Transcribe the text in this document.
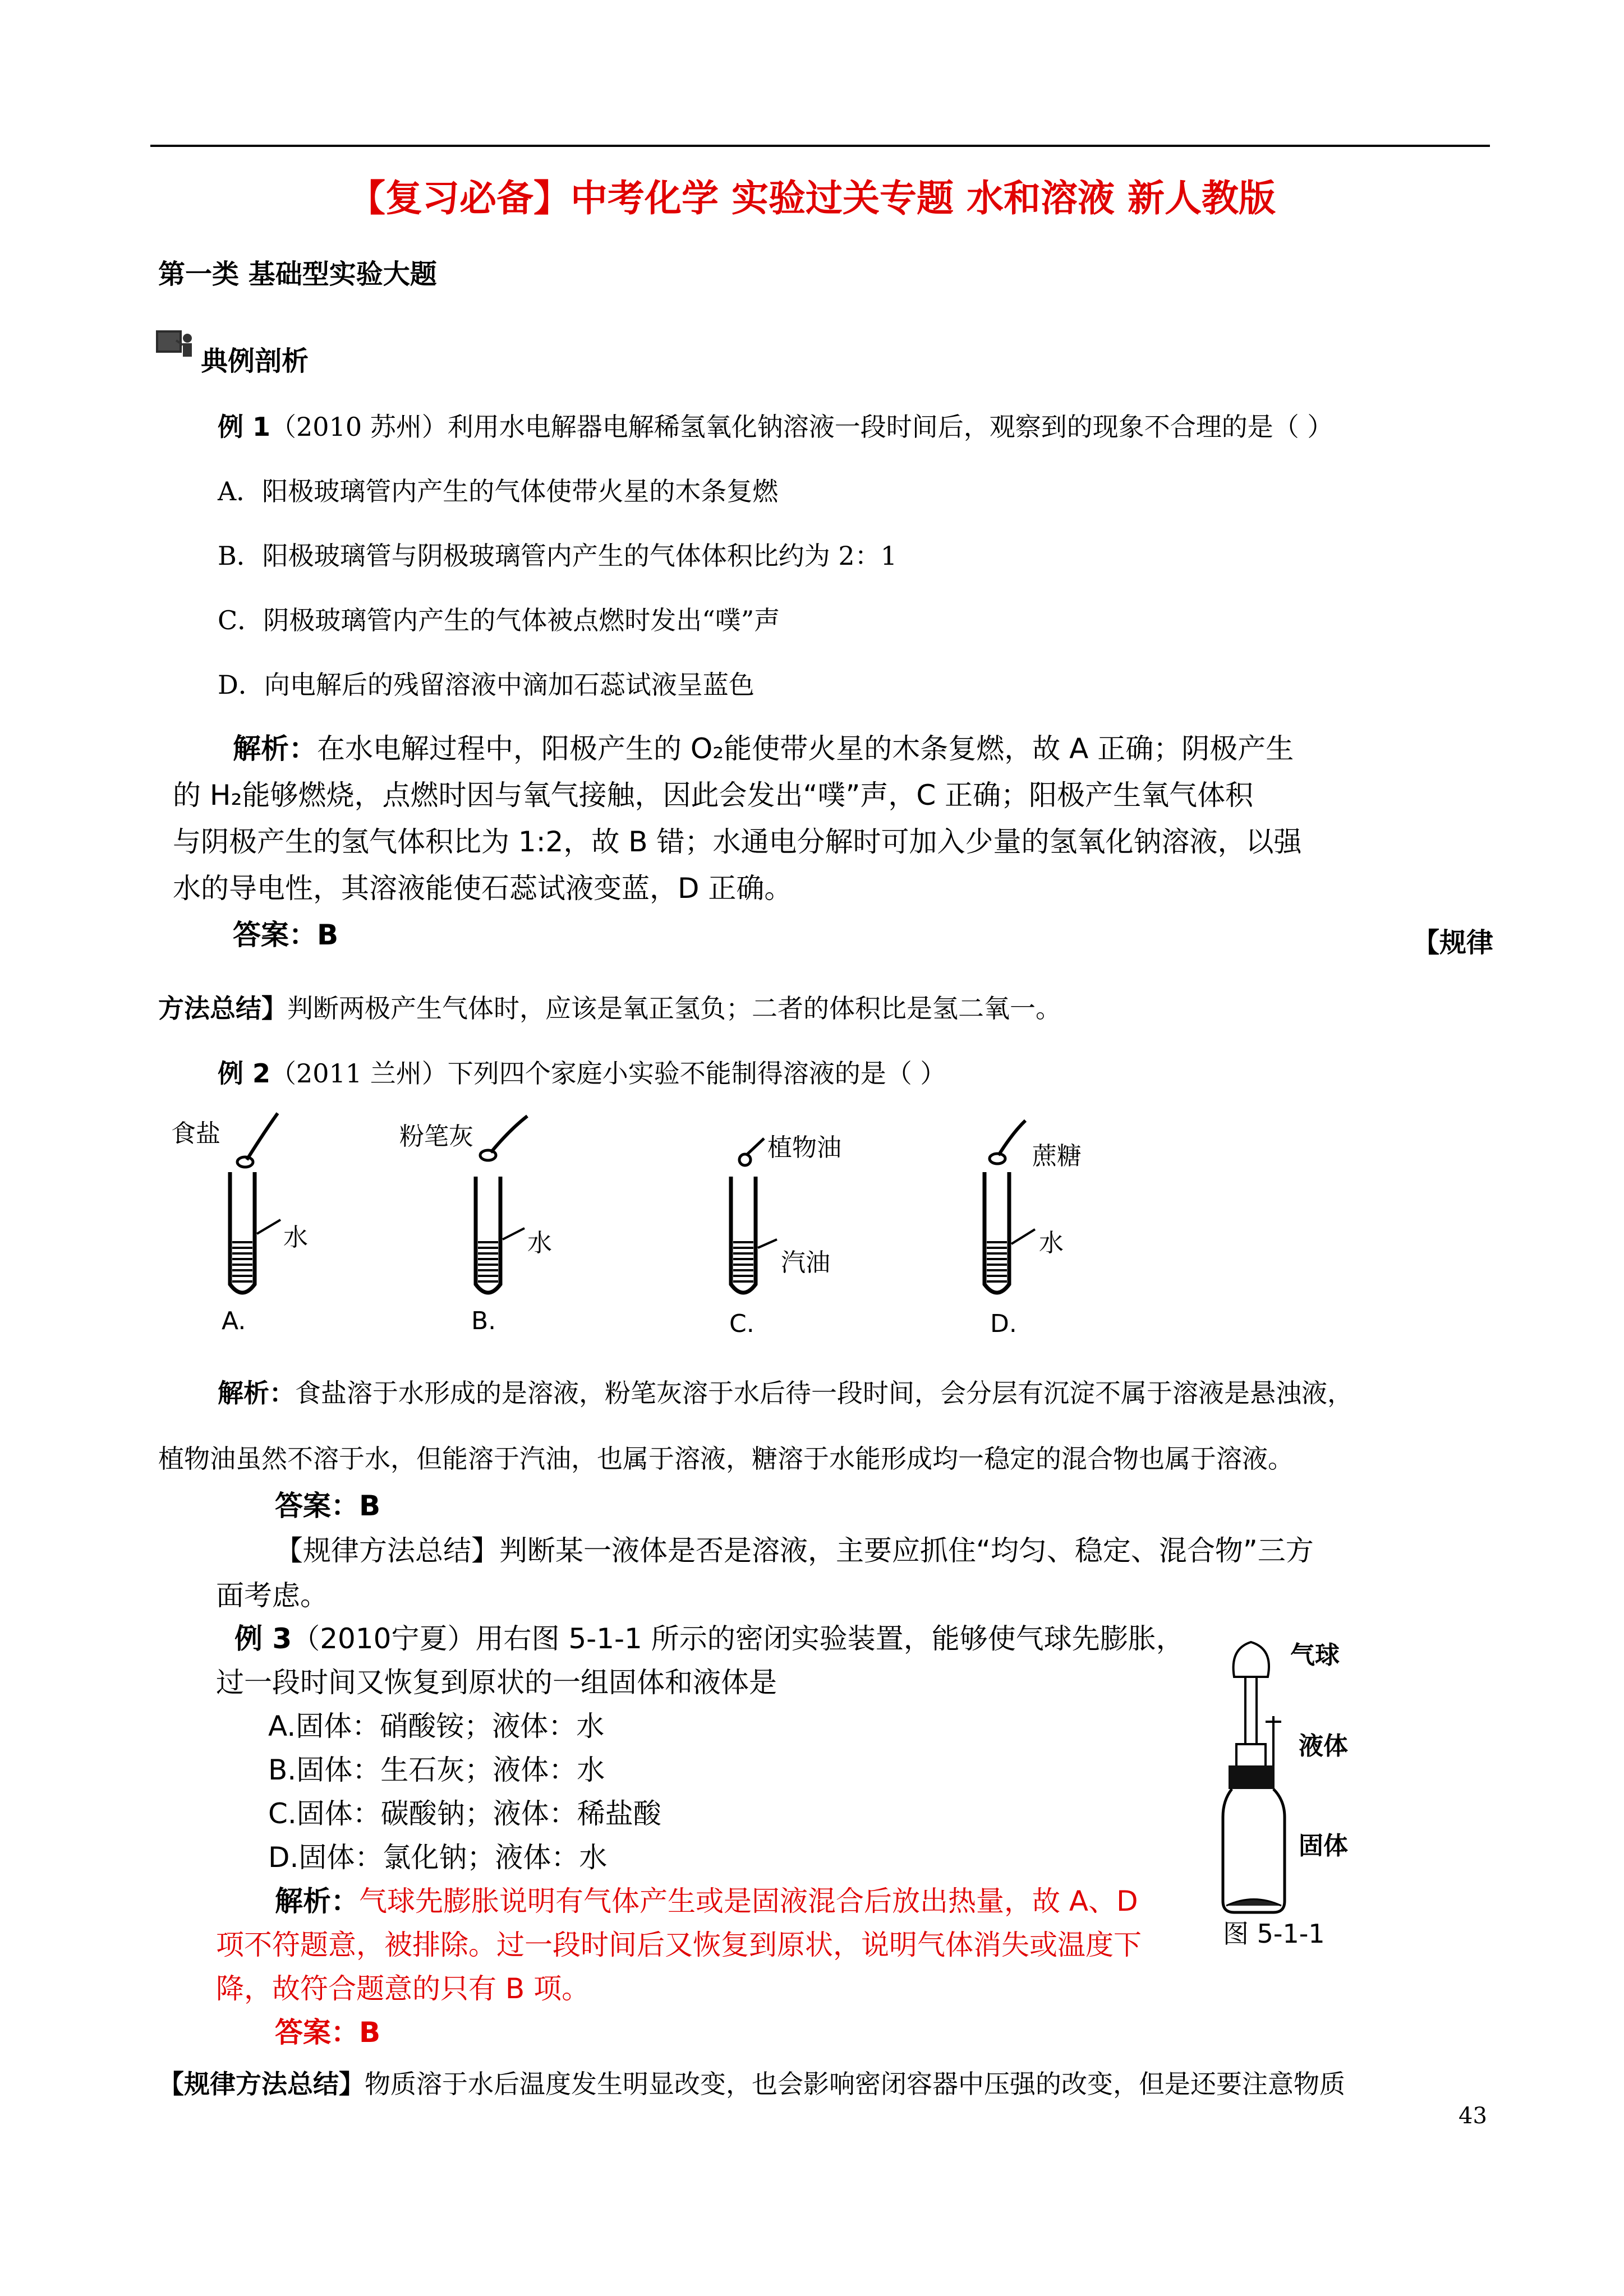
【复习必备】中考化学 实验过关专题 水和溶液 新人教版
第一类 基础型实验大题
典例剖析
例 1（2010 苏州）利用水电解器电解稀氢氧化钠溶液一段时间后，观察到的现象不合理的是（ ）
A．阳极玻璃管内产生的气体使带火星的木条复燃
B．阳极玻璃管与阴极玻璃管内产生的气体体积比约为 2：1
C．阴极玻璃管内产生的气体被点燃时发出“噗”声
D．向电解后的残留溶液中滴加石蕊试液呈蓝色
解析：在水电解过程中，阳极产生的 O₂能使带火星的木条复燃，故 A 正确；阴极产生
的 H₂能够燃烧，点燃时因与氧气接触，因此会发出“噗”声，C 正确；阳极产生氧气体积
与阴极产生的氢气体积比为 1:2，故 B 错；水通电分解时可加入少量的氢氧化钠溶液，以强
水的导电性，其溶液能使石蕊试液变蓝，D 正确。
答案：B	【规律
方法总结】判断两极产生气体时，应该是氧正氢负；二者的体积比是氢二氧一。
例 2（2011 兰州）下列四个家庭小实验不能制得溶液的是（ ）
食盐
水
A.
粉笔灰
水
B.
植物油
汽油
C.
蔗糖
水
D.
解析：食盐溶于水形成的是溶液，粉笔灰溶于水后待一段时间，会分层有沉淀不属于溶液是悬浊液，
植物油虽然不溶于水，但能溶于汽油，也属于溶液，糖溶于水能形成均一稳定的混合物也属于溶液。
答案：B
【规律方法总结】判断某一液体是否是溶液，主要应抓住“均匀、稳定、混合物”三方
面考虑。
例 3（2010宁夏）用右图 5-1-1 所示的密闭实验装置，能够使气球先膨胀，
过一段时间又恢复到原状的一组固体和液体是
A.固体：硝酸铵；液体：水
B.固体：生石灰；液体：水
C.固体：碳酸钠；液体：稀盐酸
D.固体：氯化钠；液体：水
解析：气球先膨胀说明有气体产生或是固液混合后放出热量，故 A、D
项不符题意，被排除。过一段时间后又恢复到原状，说明气体消失或温度下
降，故符合题意的只有 B 项。
答案：B
气球
液体
固体
图 5-1-1
【规律方法总结】物质溶于水后温度发生明显改变，也会影响密闭容器中压强的改变，但是还要注意物质
43
